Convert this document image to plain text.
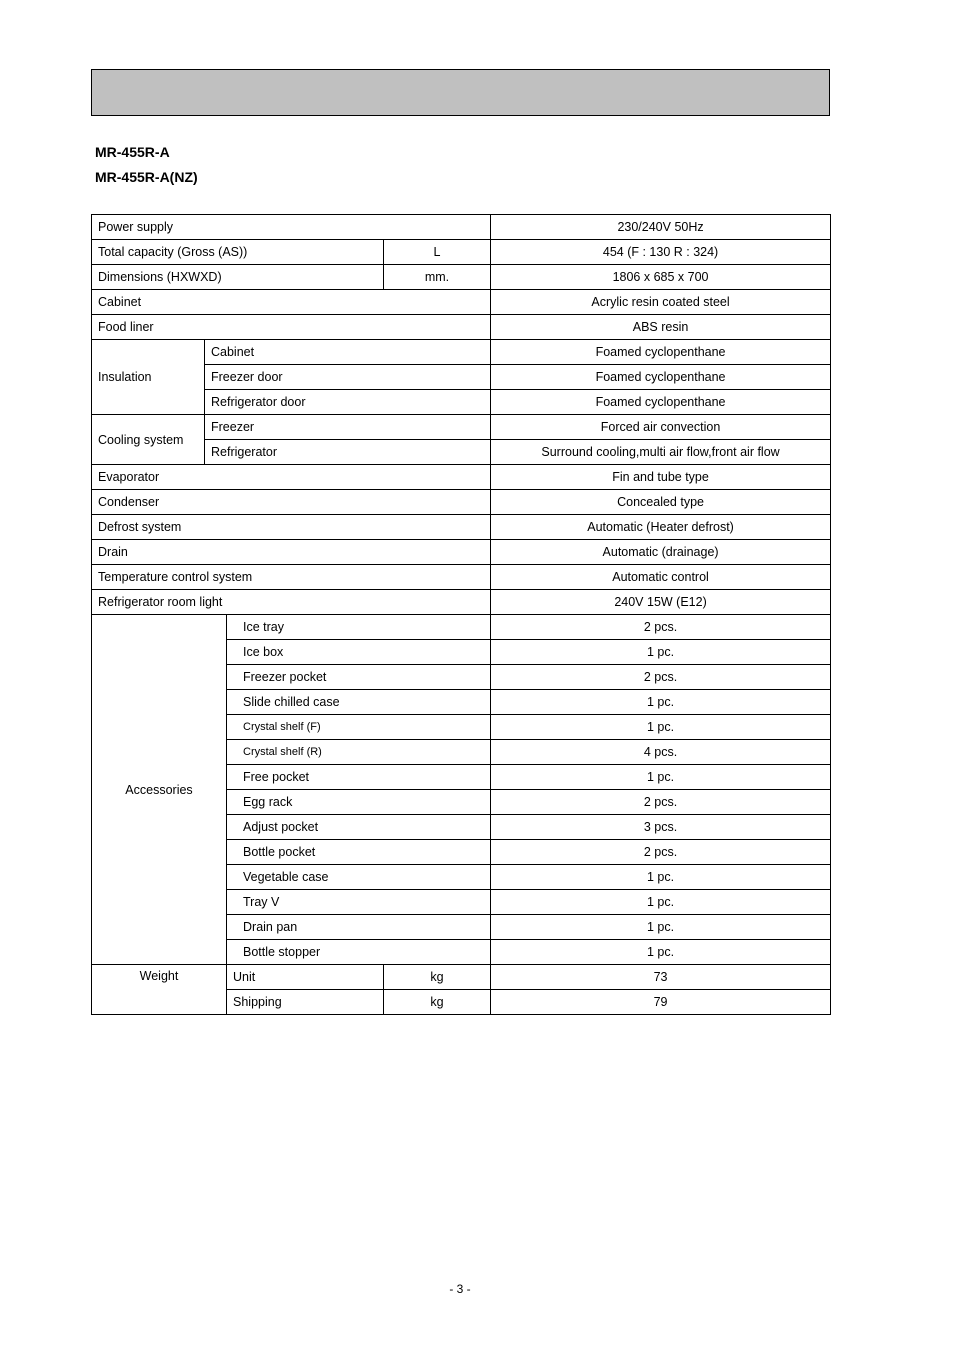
MR-455R-A
MR-455R-A(NZ)
Power supply				230/240V 50Hz
Total capacity (Gross (AS))			L	454 (F : 130 R : 324)
Dimensions (HXWXD)			mm.	1806 x 685 x 700
Cabinet				Acrylic resin coated steel
Food liner				ABS resin
Insulation	Cabinet			Foamed cyclopenthane
	Freezer door			Foamed cyclopenthane
	Refrigerator door			Foamed cyclopenthane
Cooling system	Freezer			Forced air convection
	Refrigerator			Surround cooling,multi air flow,front air flow
Evaporator				Fin and tube type
Condenser				Concealed type
Defrost system				Automatic (Heater defrost)
Drain				Automatic (drainage)
Temperature control system				Automatic control
Refrigerator room light				240V 15W (E12)
Accessories		Ice tray		2 pcs.
		Ice box		1 pc.
		Freezer pocket		2 pcs.
		Slide chilled case		1 pc.
		Crystal shelf (F)		1 pc.
		Crystal shelf (R)		4 pcs.
		Free pocket		1 pc.
		Egg rack		2 pcs.
		Adjust pocket		3 pcs.
		Bottle pocket		2 pcs.
		Vegetable case		1 pc.
		Tray V		1 pc.
		Drain pan		1 pc.
		Bottle stopper		1 pc.
Weight		Unit	kg	73
		Shipping	kg	79
- 3 -
